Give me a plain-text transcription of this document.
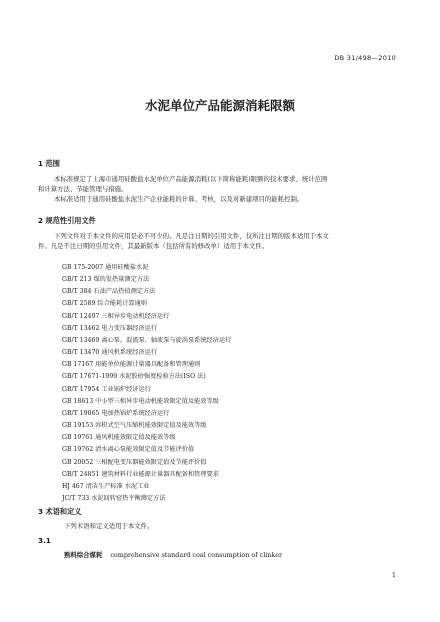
DB 31/498—2010
水泥单位产品能源消耗限额
1 范围
本标准规定了上海市通用硅酸盐水泥单位产品能源消耗(以下简称能耗)限额的技术要求、统计范围
和计算方法、节能管理与措施。
本标准适用于通用硅酸盐水泥生产企业能耗的计算、考核，以及对新建项目的能耗控制。
2 规范性引用文件
下列文件对于本文件的应用是必不可少的。凡是注日期的引用文件，仅所注日期的版本适用于本文
件。凡是不注日期的引用文件，其最新版本（包括所有的修改单）适用于本文件。
GB 175-2007 通用硅酸盐水泥
GB/T 213 煤的发热量测定方法
GB/T 384 石油产品热值测定方法
GB/T 2589 综合能耗计算通则
GB/T 12497 三相异步电动机经济运行
GB/T 13462 电力变压器经济运行
GB/T 13469 离心泵、混流泵、轴流泵与旋涡泵系统经济运行
GB/T 13470 通风机系统经济运行
GB 17167 用能单位能源计量器具配备和管理通则
GB/T 17671-1999 水泥胶砂强度检验方法(ISO 法)
GB/T 17954 工业锅炉经济运行
GB 18613 中小型三相异步电动机能效限定值及能效等级
GB/T 19065 电加热锅炉系统经济运行
GB 19153 容积式空气压缩机能效限定值及能效等级
GB 19761 通风机能效限定值及能效等级
GB 19762 清水离心泵能效限定值及节能评价值
GB 20052 三相配电变压器能效限定值及节能评价值
GB/T 24851 建筑材料行业能源计量器具配备和管理要求
HJ 467 清洁生产标准 水泥工业
JC/T 733 水泥回转窑热平衡测定方法
3 术语和定义
下列术语和定义适用于本文件。
3.1
熟料综合煤耗 comprehensive standard coal consumption of clinker
1
